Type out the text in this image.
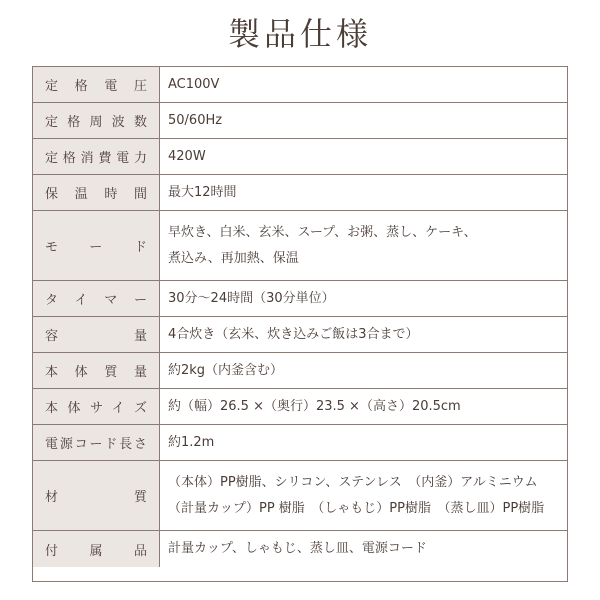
製品仕様
定格電圧 AC100V
定格周波数 50/60Hz
定格消費電力 420W
保温時間 最大12時間
モード
早炊き、白米、玄米、スープ、お粥、蒸し、ケーキ、
煮込み、再加熱、保温
タイマー 30分〜24時間（30分単位）
容量 4合炊き（玄米、炊き込みご飯は3合まで）
本体質量 約2kg（内釜含む）
本体サイズ 約（幅）26.5 ×（奥行）23.5 ×（高さ）20.5cm
電源コード長さ 約1.2m
材質
（本体）PP樹脂、シリコン、ステンレス　（内釜）アルミニウム
（計量カップ）PP 樹脂　（しゃもじ）PP樹脂　（蒸し皿）PP樹脂
付属品 計量カップ、しゃもじ、蒸し皿、電源コード
